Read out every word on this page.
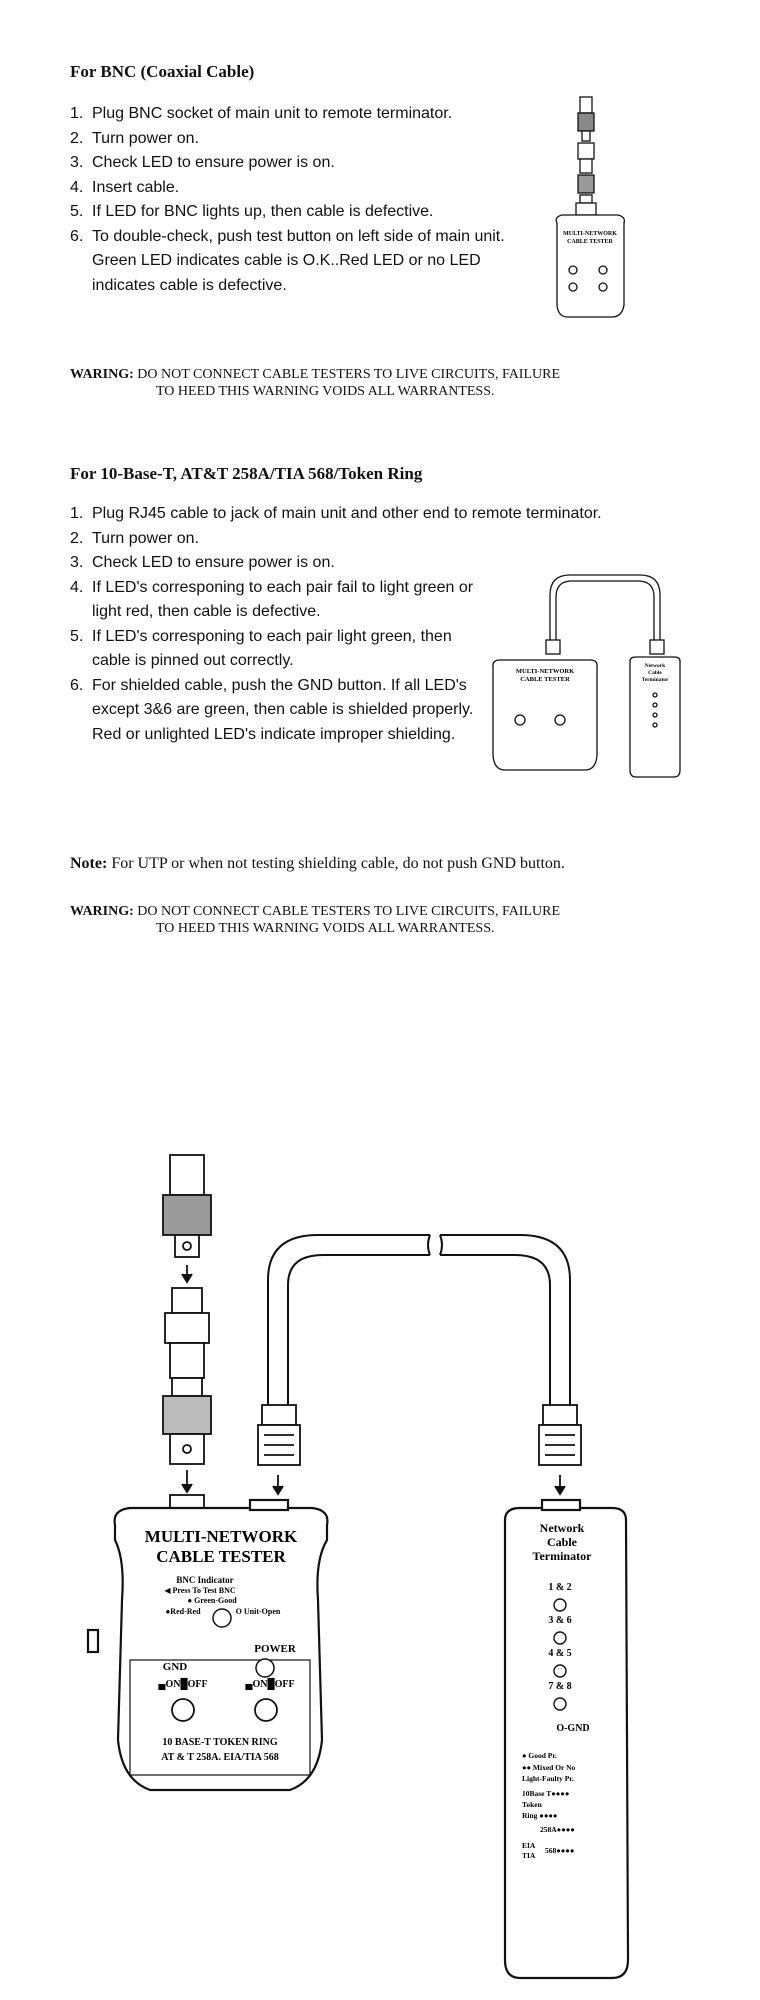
For BNC (Coaxial Cable)
1. Plug BNC socket of main unit to remote terminator.
2. Turn power on.
3. Check LED to ensure power is on.
4. Insert cable.
5. If LED for BNC lights up, then cable is defective.
6. To double-check, push test button on left side of main unit. Green LED indicates cable is O.K..Red LED or no LED indicates cable is defective.
MULTI-NETWORK
CABLE TESTER
WARING: DO NOT CONNECT CABLE TESTERS TO LIVE CIRCUITS, FAILURE
TO HEED THIS WARNING VOIDS ALL WARRANTESS.
For 10-Base-T, AT&T 258A/TIA 568/Token Ring
1. Plug RJ45 cable to jack of main unit and other end to remote terminator.
2. Turn power on.
3. Check LED to ensure power is on.
4. If LED's corresponing to each pair fail to light green or light red, then cable is defective.
5. If LED's corresponing to each pair light green, then cable is pinned out correctly.
6. For shielded cable, push the GND button. If all LED's except 3&6 are green, then cable is shielded properly. Red or unlighted LED's indicate improper shielding.
MULTI-NETWORK
CABLE TESTER
Network
Cable
Terminator
Note: For UTP or when not testing shielding cable, do not push GND button.
WARING: DO NOT CONNECT CABLE TESTERS TO LIVE CIRCUITS, FAILURE
TO HEED THIS WARNING VOIDS ALL WARRANTESS.
MULTI-NETWORK
CABLE TESTER
BNC Indicator
◀ Press To Test BNC
● Green-Good
●Red-Red	O Unit-Open
POWER
GND
▄ON█OFF	▄ON█OFF
10 BASE-T TOKEN RING
AT & T 258A. EIA/TIA 568
Network
Cable
Terminator
1 & 2
3 & 6
4 & 5
7 & 8
O-GND
● Good Pr.
●● Mixed Or No
Light-Faulty Pr.
10Base T●●●●
Token
Ring ●●●●
258A●●●●
EIA
TIA
568●●●●
